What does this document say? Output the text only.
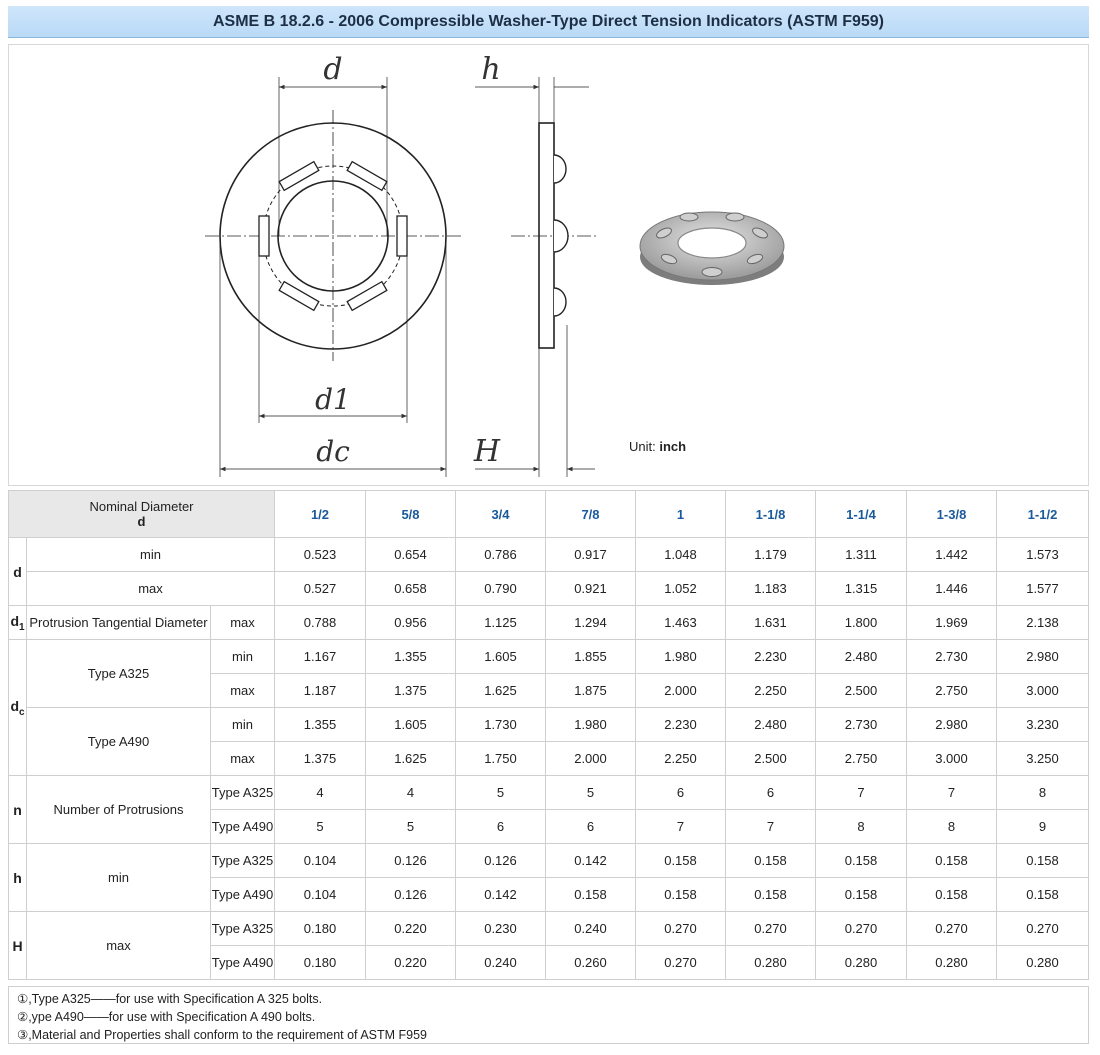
ASME B 18.2.6 - 2006 Compressible Washer-Type Direct Tension Indicators (ASTM F959)
d
d1
dc
h
H	Unit: inch
Nominal Diameter
d			1/2	5/8	3/4	7/8	1	1-1/8	1-1/4	1-3/8	1-1/2
d	min		0.523	0.654	0.786	0.917	1.048	1.179	1.311	1.442	1.573
	max		0.527	0.658	0.790	0.921	1.052	1.183	1.315	1.446	1.577
$d_1$	Protrusion Tangential Diameter	max	0.788	0.956	1.125	1.294	1.463	1.631	1.800	1.969	2.138
$d_c$	Type A325	min	1.167	1.355	1.605	1.855	1.980	2.230	2.480	2.730	2.980
		max	1.187	1.375	1.625	1.875	2.000	2.250	2.500	2.750	3.000
	Type A490	min	1.355	1.605	1.730	1.980	2.230	2.480	2.730	2.980	3.230
		max	1.375	1.625	1.750	2.000	2.250	2.500	2.750	3.000	3.250
n	Number of Protrusions	Type A325	4	4	5	5	6	6	7	7	8
		Type A490	5	5	6	6	7	7	8	8	9
h	min	Type A325	0.104	0.126	0.126	0.142	0.158	0.158	0.158	0.158	0.158
		Type A490	0.104	0.126	0.142	0.158	0.158	0.158	0.158	0.158	0.158
H	max	Type A325	0.180	0.220	0.230	0.240	0.270	0.270	0.270	0.270	0.270
		Type A490	0.180	0.220	0.240	0.260	0.270	0.280	0.280	0.280	0.280
①,Type A325——for use with Specification A 325 bolts.
②,ype A490——for use with Specification A 490 bolts.
③,Material and Properties shall conform to the requirement of ASTM F959
